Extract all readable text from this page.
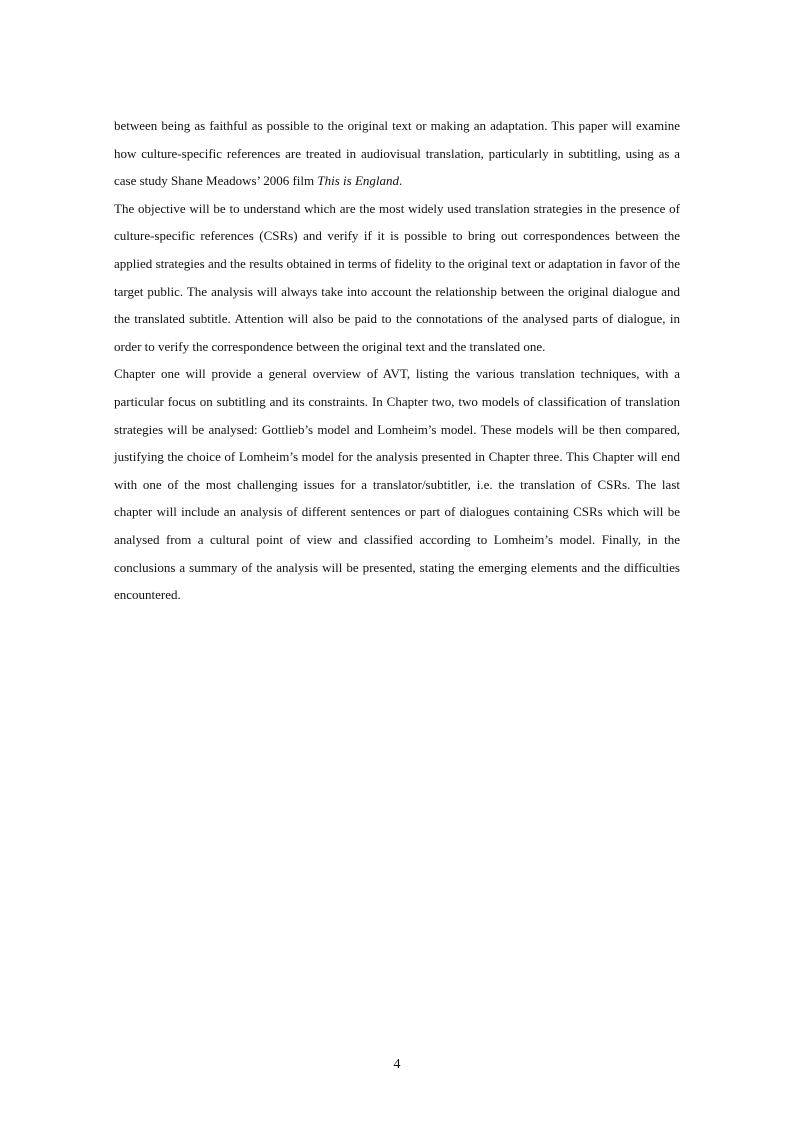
between being as faithful as possible to the original text or making an adaptation. This paper will examine how culture-specific references are treated in audiovisual translation, particularly in subtitling, using as a case study Shane Meadows’ 2006 film This is England.

The objective will be to understand which are the most widely used translation strategies in the presence of culture-specific references (CSRs) and verify if it is possible to bring out correspondences between the applied strategies and the results obtained in terms of fidelity to the original text or adaptation in favor of the target public. The analysis will always take into account the relationship between the original dialogue and the translated subtitle. Attention will also be paid to the connotations of the analysed parts of dialogue, in order to verify the correspondence between the original text and the translated one.

Chapter one will provide a general overview of AVT, listing the various translation techniques, with a particular focus on subtitling and its constraints. In Chapter two, two models of classification of translation strategies will be analysed: Gottlieb’s model and Lomheim’s model. These models will be then compared, justifying the choice of Lomheim’s model for the analysis presented in Chapter three. This Chapter will end with one of the most challenging issues for a translator/subtitler, i.e. the translation of CSRs. The last chapter will include an analysis of different sentences or part of dialogues containing CSRs which will be analysed from a cultural point of view and classified according to Lomheim’s model. Finally, in the conclusions a summary of the analysis will be presented, stating the emerging elements and the difficulties encountered.

4
